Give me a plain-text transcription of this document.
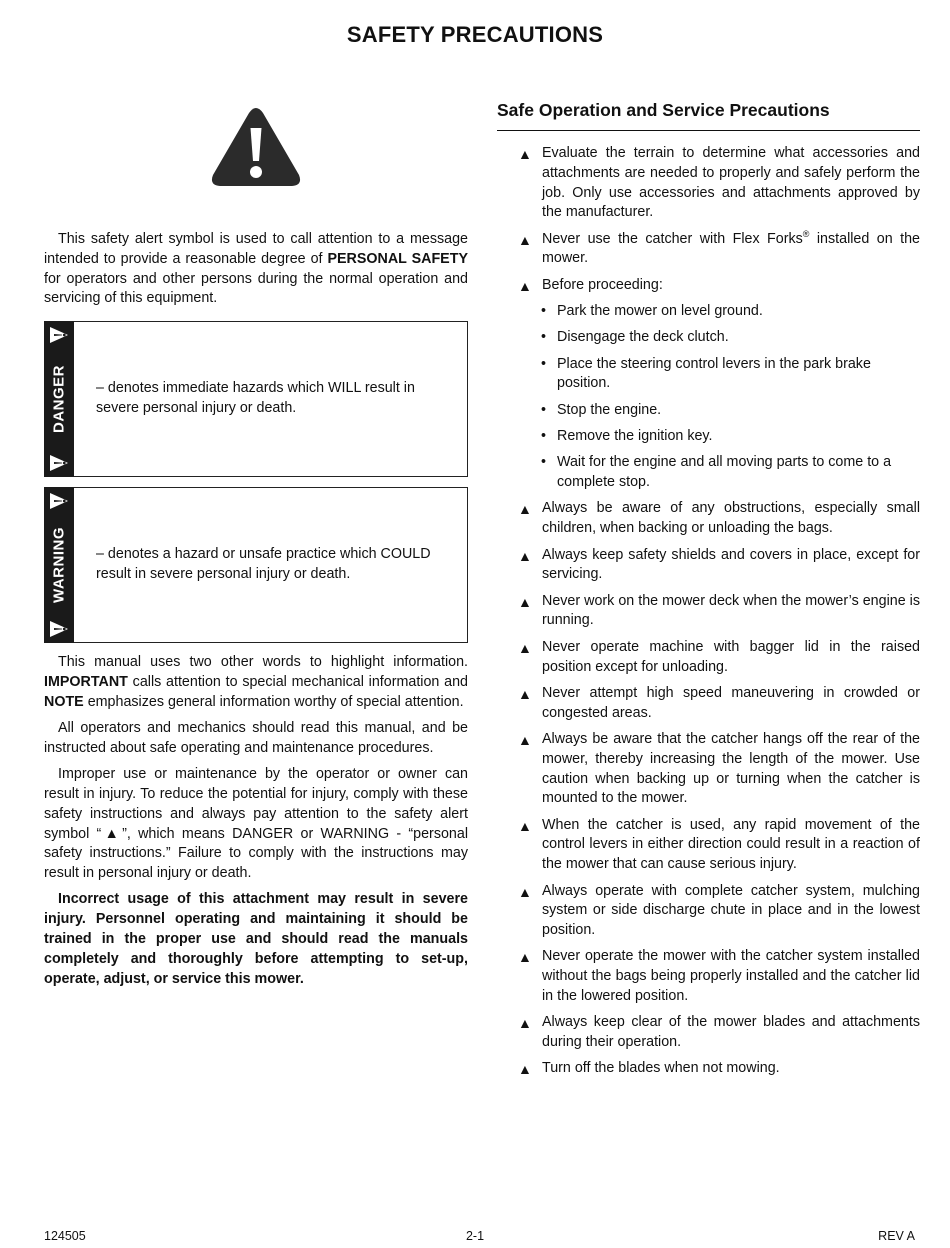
SAFETY PRECAUTIONS

This safety alert symbol is used to call attention to a message intended to provide a reasonable degree of PERSONAL SAFETY for operators and other persons during the normal operation and servicing of this equipment.

DANGER – denotes immediate hazards which WILL result in severe personal injury or death.
WARNING – denotes a hazard or unsafe practice which COULD result in severe personal injury or death.

This manual uses two other words to highlight information. IMPORTANT calls attention to special mechanical information and NOTE emphasizes general information worthy of special attention.

All operators and mechanics should read this manual, and be instructed about safe operating and maintenance procedures.

Improper use or maintenance by the operator or owner can result in injury. To reduce the potential for injury, comply with these safety instructions and always pay attention to the safety alert symbol “▲”, which means DANGER or WARNING - “personal safety instructions.” Failure to comply with the instructions may result in personal injury or death.

Incorrect usage of this attachment may result in severe injury. Personnel operating and maintaining it should be trained in the proper use and should read the manuals completely and thoroughly before attempting to set-up, operate, adjust, or service this mower.

Safe Operation and Service Precautions
▲ Evaluate the terrain to determine what accessories and attachments are needed to properly and safely perform the job. Only use accessories and attachments approved by the manufacturer.
▲ Never use the catcher with Flex Forks® installed on the mower.
▲ Before proceeding:
• Park the mower on level ground.
• Disengage the deck clutch.
• Place the steering control levers in the park brake position.
• Stop the engine.
• Remove the ignition key.
• Wait for the engine and all moving parts to come to a complete stop.
▲ Always be aware of any obstructions, especially small children, when backing or unloading the bags.
▲ Always keep safety shields and covers in place, except for servicing.
▲ Never work on the mower deck when the mower’s engine is running.
▲ Never operate machine with bagger lid in the raised position except for unloading.
▲ Never attempt high speed maneuvering in crowded or congested areas.
▲ Always be aware that the catcher hangs off the rear of the mower, thereby increasing the length of the mower. Use caution when backing up or turning when the catcher is mounted to the mower.
▲ When the catcher is used, any rapid movement of the control levers in either direction could result in a reaction of the mower that can cause serious injury.
▲ Always operate with complete catcher system, mulching system or side discharge chute in place and in the lowest position.
▲ Never operate the mower with the catcher system installed without the bags being properly installed and the catcher lid in the lowered position.
▲ Always keep clear of the mower blades and attachments during their operation.
▲ Turn off the blades when not mowing.
124505	2-1	REV A
